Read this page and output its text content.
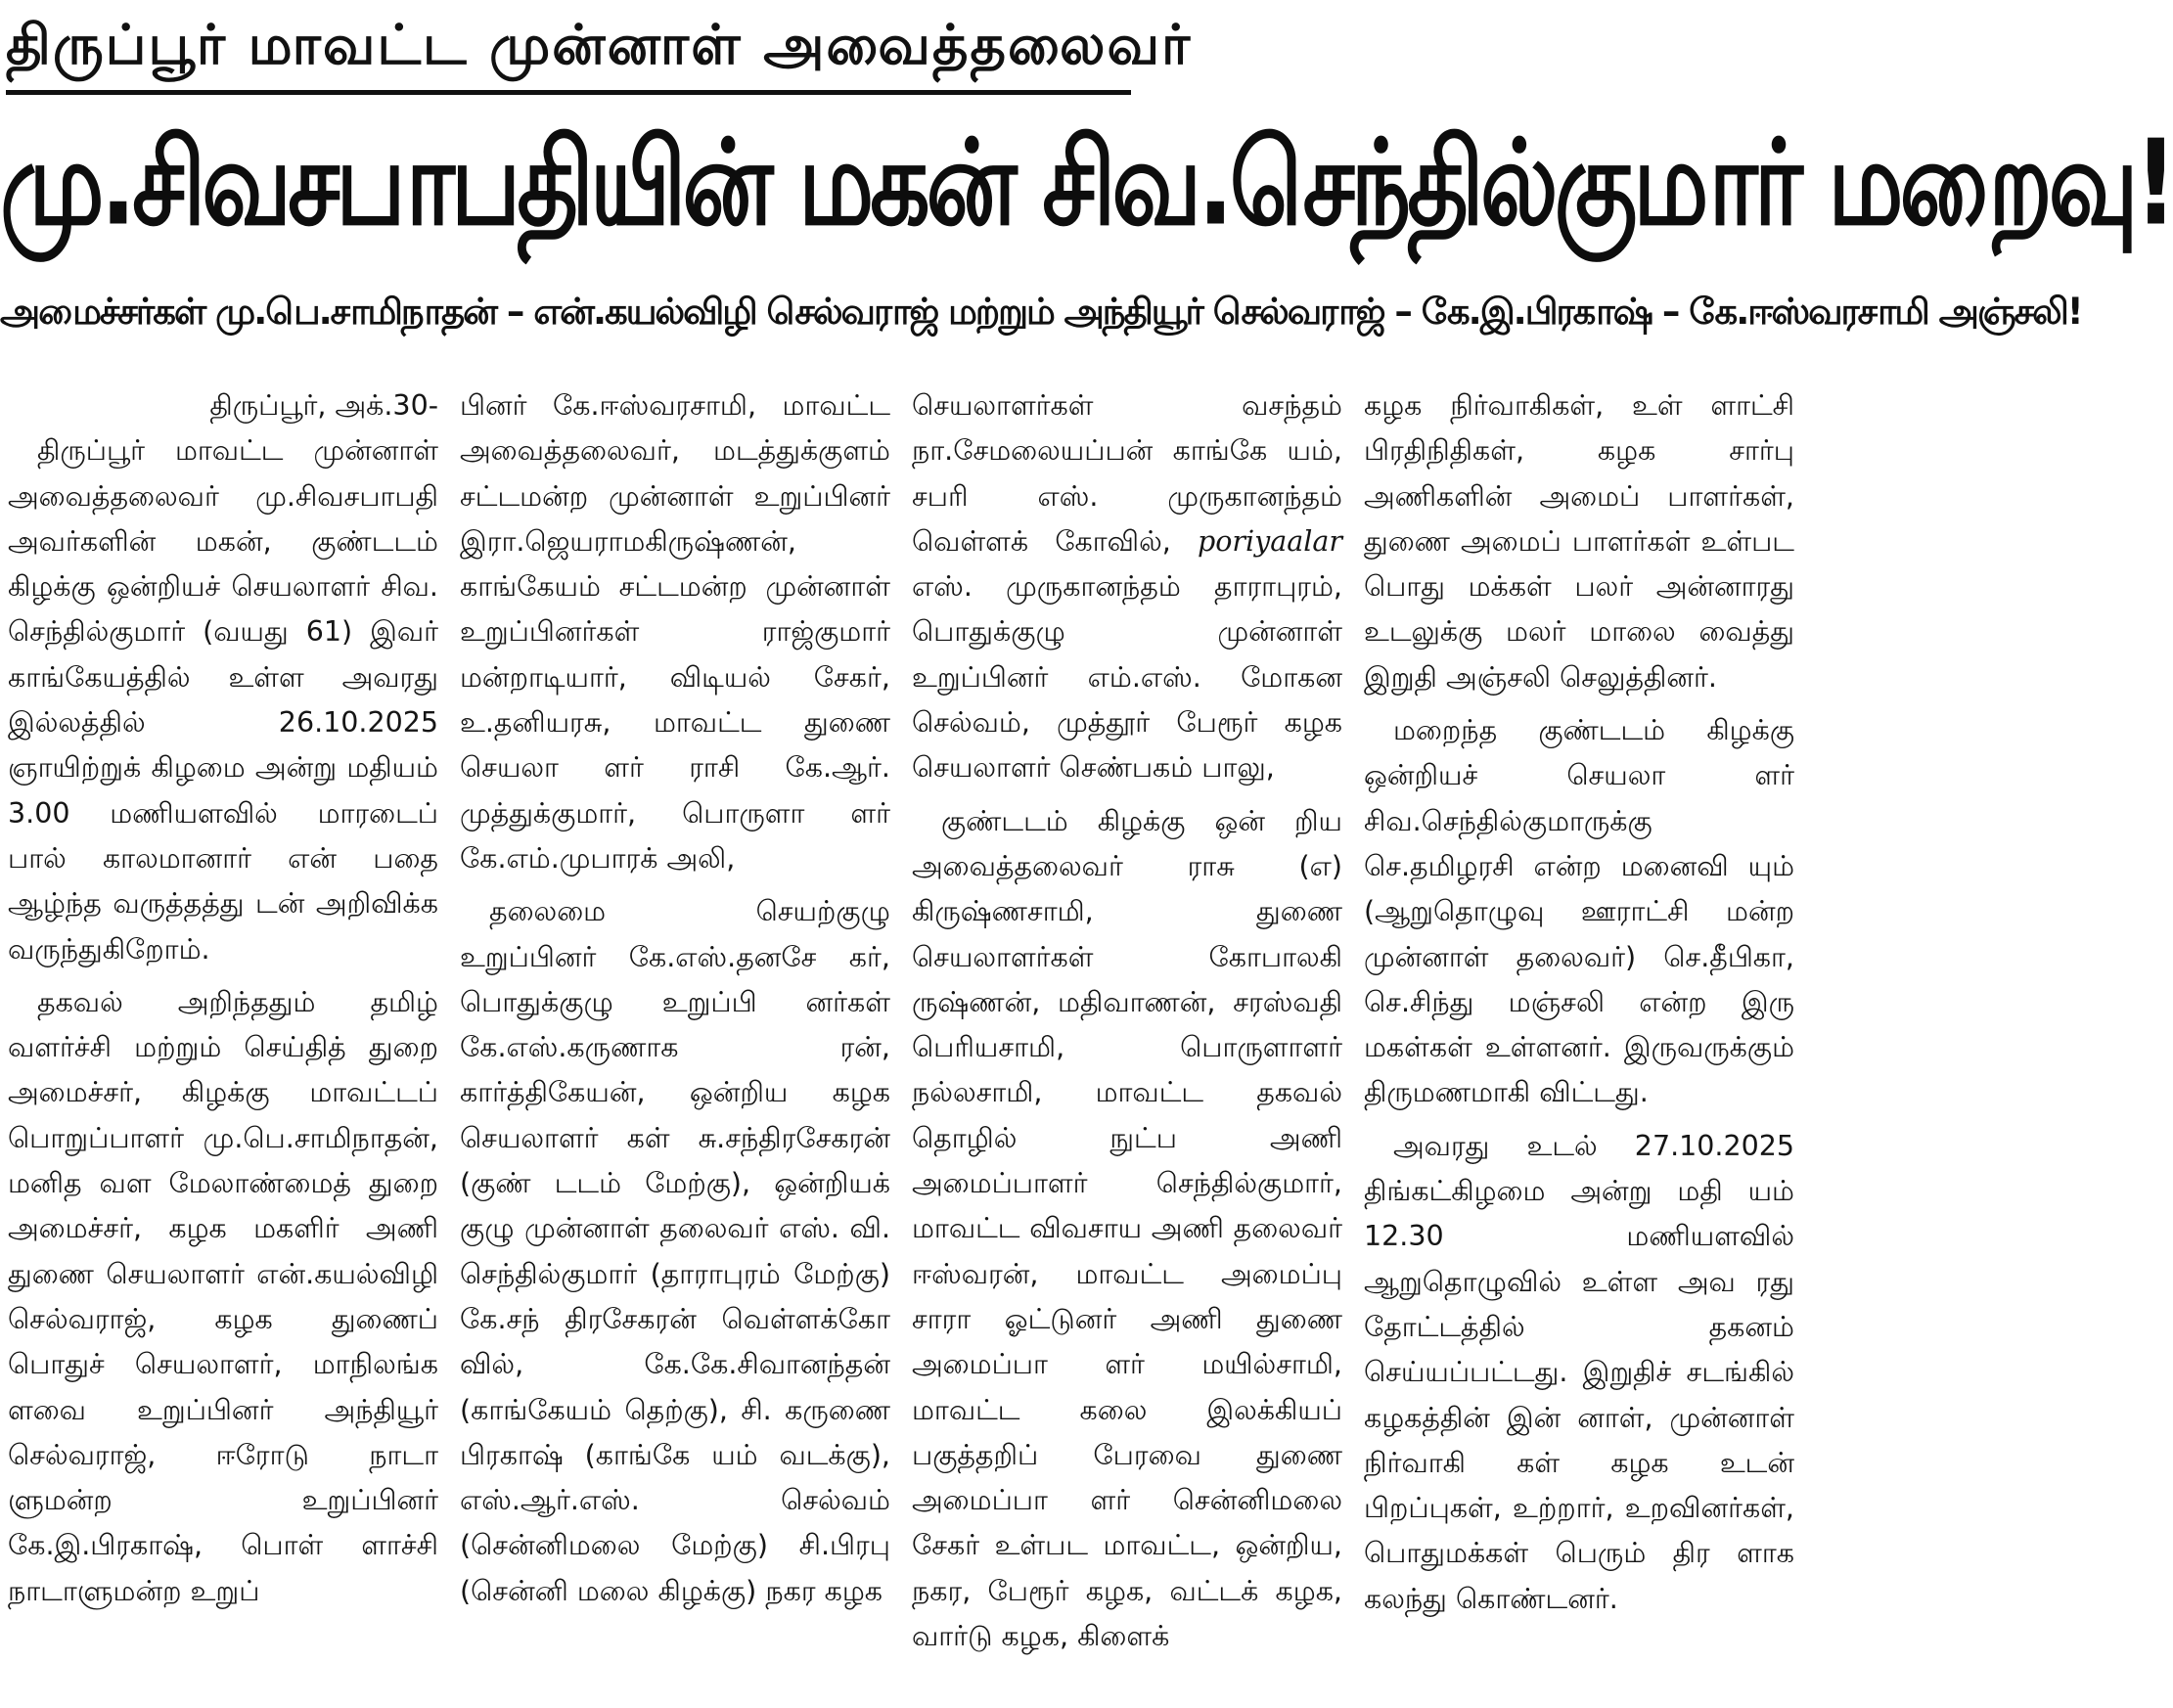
திருப்பூர் மாவட்ட முன்னாள் அவைத்தலைவர்
மு.சிவசபாபதியின் மகன் சிவ.செந்தில்குமார் மறைவு!
அமைச்சர்கள் மு.பெ.சாமிநாதன் – என்.கயல்விழி செல்வராஜ் மற்றும் அந்தியூர் செல்வராஜ் – கே.இ.பிரகாஷ் – கே.ஈஸ்வரசாமி அஞ்சலி!

திருப்பூர், அக்.30-

திருப்பூர் மாவட்ட முன்னாள் அவைத்தலைவர் மு.சிவசபாபதி அவர்களின் மகன், குண்டடம் கிழக்கு ஒன்றியச் செயலாளர் சிவ. செந்தில்குமார் (வயது 61) இவர் காங்கேயத்தில் உள்ள அவரது இல்லத்தில் 26.10.2025 ஞாயிற்றுக் கிழமை அன்று மதியம் 3.00 மணியளவில் மாரடைப் பால் காலமானார் என் பதை ஆழ்ந்த வருத்தத்து டன் அறிவிக்க வருந்துகிறோம்.

தகவல் அறிந்ததும் தமிழ் வளர்ச்சி மற்றும் செய்தித் துறை அமைச்சர், கிழக்கு மாவட்டப் பொறுப்பாளர் மு.பெ.சாமிநாதன், மனித வள மேலாண்மைத் துறை அமைச்சர், கழக மகளிர் அணி துணை செயலாளர் என்.கயல்விழி செல்வராஜ், கழக துணைப் பொதுச் செயலாளர், மாநிலங்க ளவை உறுப்பினர் அந்தியூர் செல்வராஜ், ஈரோடு நாடா ளுமன்ற உறுப்பினர் கே.இ.பிரகாஷ், பொள் ளாச்சி நாடாளுமன்ற உறுப்

பினர் கே.ஈஸ்வரசாமி, மாவட்ட அவைத்தலைவர், மடத்துக்குளம் சட்டமன்ற முன்னாள் உறுப்பினர் இரா.ஜெயராமகிருஷ்ணன், காங்கேயம் சட்டமன்ற முன்னாள் உறுப்பினர்கள் ராஜ்குமார் மன்றாடியார், விடியல் சேகர், உ.தனியரசு, மாவட்ட துணை செயலா ளர் ராசி கே.ஆர். முத்துக்குமார், பொருளா ளர் கே.எம்.முபாரக் அலி,

தலைமை செயற்குழு உறுப்பினர் கே.எஸ்.தனசே கர், பொதுக்குழு உறுப்பி னர்கள் கே.எஸ்.கருணாக ரன், கார்த்திகேயன், ஒன்றிய கழக செயலாளர் கள் சு.சந்திரசேகரன் (குண் டடம் மேற்கு), ஒன்றியக் குழு முன்னாள் தலைவர் எஸ். வி. செந்தில்குமார் (தாராபுரம் மேற்கு) கே.சந் திரசேகரன் வெள்ளக்கோ வில், கே.கே.சிவானந்தன் (காங்கேயம் தெற்கு), சி. கருணை பிரகாஷ் (காங்கே யம் வடக்கு), எஸ்.ஆர்.எஸ். செல்வம் (சென்னிமலை மேற்கு) சி.பிரபு (சென்னி மலை கிழக்கு) நகர கழக

செயலாளர்கள் வசந்தம் நா.சேமலையப்பன் காங்கே யம், சபரி எஸ். முருகானந்தம் வெள்ளக் கோவில், poriyaalar எஸ். முருகானந்தம் தாராபுரம், பொதுக்குழு முன்னாள் உறுப்பினர் எம்.எஸ். மோகன செல்வம், முத்தூர் பேரூர் கழக செயலாளர் செண்பகம் பாலு,

குண்டடம் கிழக்கு ஒன் றிய அவைத்தலைவர் ராசு (எ) கிருஷ்ணசாமி, துணை செயலாளர்கள் கோபாலகி ருஷ்ணன், மதிவாணன், சரஸ்வதி பெரியசாமி, பொருளாளர் நல்லசாமி, மாவட்ட தகவல் தொழில் நுட்ப அணி அமைப்பாளர் செந்தில்குமார், மாவட்ட விவசாய அணி தலைவர் ஈஸ்வரன், மாவட்ட அமைப்பு சாரா ஓட்டுனர் அணி துணை அமைப்பா ளர் மயில்சாமி, மாவட்ட கலை இலக்கியப் பகுத்தறிப் பேரவை துணை அமைப்பா ளர் சென்னிமலை சேகர் உள்பட மாவட்ட, ஒன்றிய, நகர, பேரூர் கழக, வட்டக் கழக, வார்டு கழக, கிளைக்

கழக நிர்வாகிகள், உள் ளாட்சி பிரதிநிதிகள், கழக சார்பு அணிகளின் அமைப் பாளர்கள், துணை அமைப் பாளர்கள் உள்பட பொது மக்கள் பலர் அன்னாரது உடலுக்கு மலர் மாலை வைத்து இறுதி அஞ்சலி செலுத்தினர்.

மறைந்த குண்டடம் கிழக்கு ஒன்றியச் செயலா ளர் சிவ.செந்தில்குமாருக்கு செ.தமிழரசி என்ற மனைவி யும் (ஆறுதொழுவு ஊராட்சி மன்ற முன்னாள் தலைவர்) செ.தீபிகா, செ.சிந்து மஞ்சலி என்ற இரு மகள்கள் உள்ளனர். இருவருக்கும் திருமணமாகி விட்டது.

அவரது உடல் 27.10.2025 திங்கட்கிழமை அன்று மதி யம் 12.30 மணியளவில் ஆறுதொழுவில் உள்ள அவ ரது தோட்டத்தில் தகனம் செய்யப்பட்டது. இறுதிச் சடங்கில் கழகத்தின் இன் னாள், முன்னாள் நிர்வாகி கள் கழக உடன் பிறப்புகள், உற்றார், உறவினர்கள், பொதுமக்கள் பெரும் திர ளாக கலந்து கொண்டனர்.
